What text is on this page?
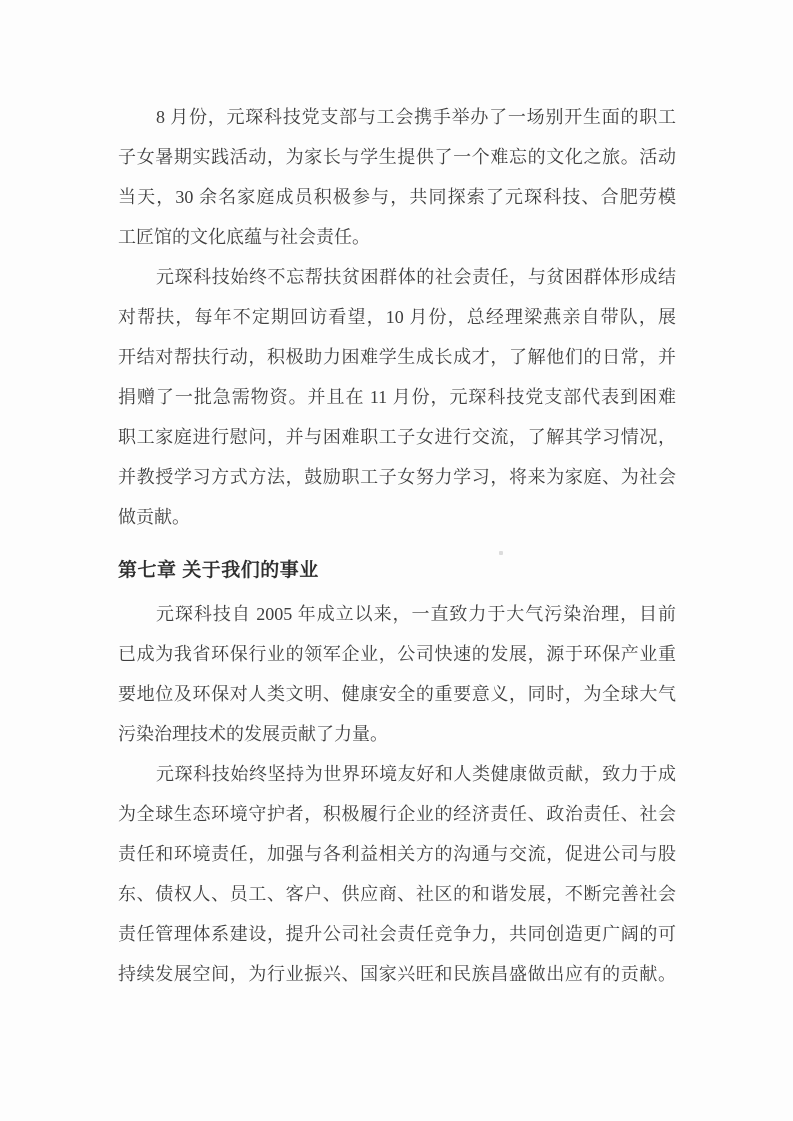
8 月份，元琛科技党支部与工会携手举办了一场别开生面的职工
子女暑期实践活动，为家长与学生提供了一个难忘的文化之旅。活动
当天，30 余名家庭成员积极参与，共同探索了元琛科技、合肥劳模
工匠馆的文化底蕴与社会责任。
元琛科技始终不忘帮扶贫困群体的社会责任，与贫困群体形成结
对帮扶，每年不定期回访看望，10 月份，总经理梁燕亲自带队，展
开结对帮扶行动，积极助力困难学生成长成才，了解他们的日常，并
捐赠了一批急需物资。并且在 11 月份，元琛科技党支部代表到困难
职工家庭进行慰问，并与困难职工子女进行交流，了解其学习情况，
并教授学习方式方法，鼓励职工子女努力学习，将来为家庭、为社会
做贡献。
第七章 关于我们的事业
元琛科技自 2005 年成立以来，一直致力于大气污染治理，目前
已成为我省环保行业的领军企业，公司快速的发展，源于环保产业重
要地位及环保对人类文明、健康安全的重要意义，同时，为全球大气
污染治理技术的发展贡献了力量。
元琛科技始终坚持为世界环境友好和人类健康做贡献，致力于成
为全球生态环境守护者，积极履行企业的经济责任、政治责任、社会
责任和环境责任，加强与各利益相关方的沟通与交流，促进公司与股
东、债权人、员工、客户、供应商、社区的和谐发展，不断完善社会
责任管理体系建设，提升公司社会责任竞争力，共同创造更广阔的可
持续发展空间，为行业振兴、国家兴旺和民族昌盛做出应有的贡献。
